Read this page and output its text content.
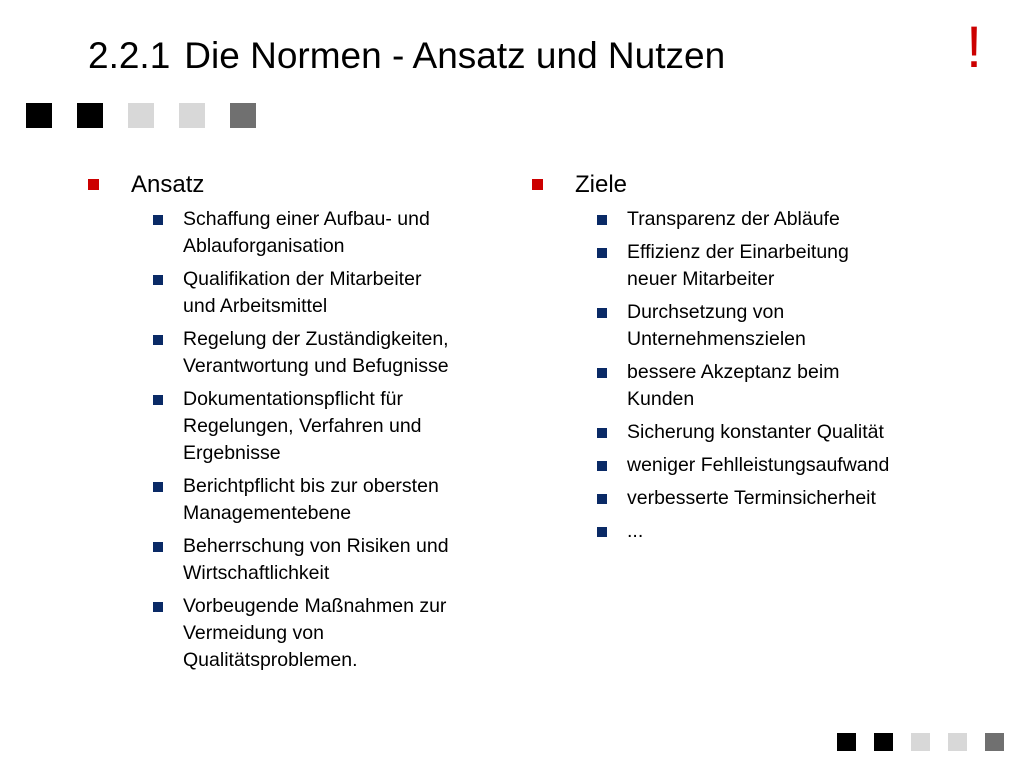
2.2.1 Die Normen - Ansatz und Nutzen	!
Ansatz
Schaffung einer Aufbau- und
Ablauforganisation
Qualifikation der Mitarbeiter
und Arbeitsmittel
Regelung der Zuständigkeiten,
Verantwortung und Befugnisse
Dokumentationspflicht für
Regelungen, Verfahren und
Ergebnisse
Berichtpflicht bis zur obersten
Managementebene
Beherrschung von Risiken und
Wirtschaftlichkeit
Vorbeugende Maßnahmen zur
Vermeidung von
Qualitätsproblemen.
Ziele
Transparenz der Abläufe
Effizienz der Einarbeitung
neuer Mitarbeiter
Durchsetzung von
Unternehmenszielen
bessere Akzeptanz beim
Kunden
Sicherung konstanter Qualität
weniger Fehlleistungsaufwand
verbesserte Terminsicherheit
...
